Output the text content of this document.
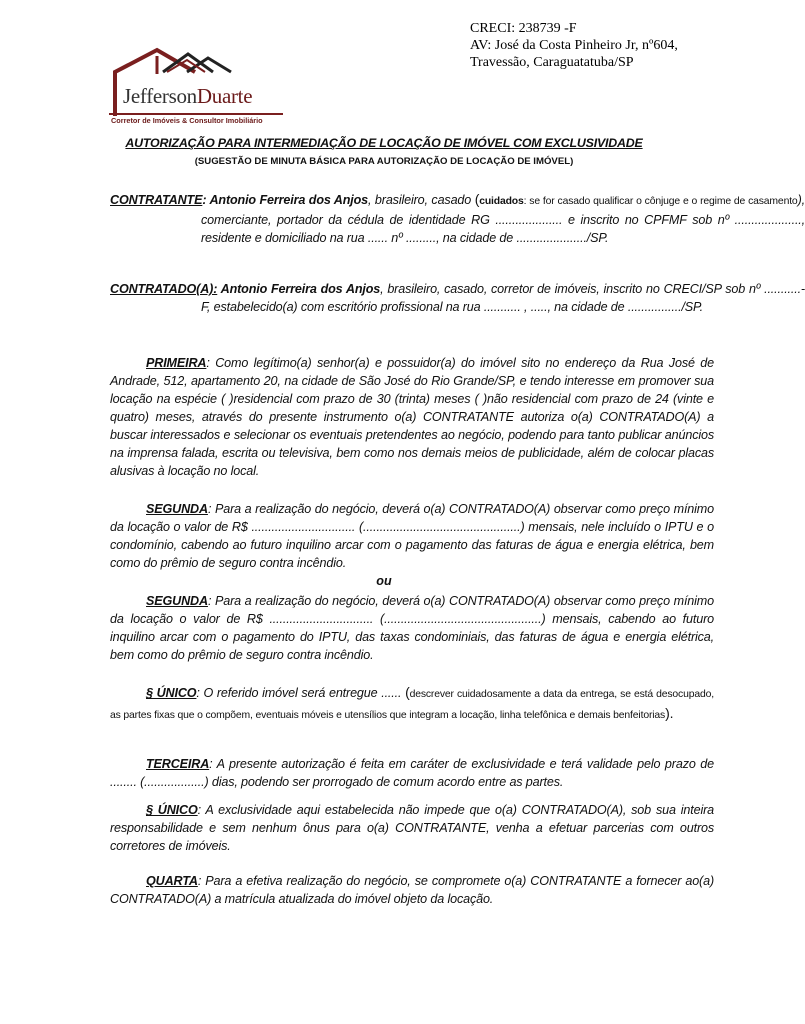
CRECI: 238739 -F
AV: José da Costa Pinheiro Jr, nº604,
Travessão, Caraguatatuba/SP
JeffersonDuarte
Corretor de Imóveis & Consultor Imobiliário
AUTORIZAÇÃO PARA INTERMEDIAÇÃO DE LOCAÇÃO DE IMÓVEL COM EXCLUSIVIDADE
(SUGESTÃO DE MINUTA BÁSICA PARA AUTORIZAÇÃO DE LOCAÇÃO DE IMÓVEL)
CONTRATANTE: Antonio Ferreira dos Anjos, brasileiro, casado (cuidados: se for casado qualificar o cônjuge e o regime de casamento), comerciante, portador da cédula de identidade RG .................... e inscrito no CPFMF sob nº ...................., residente e domiciliado na rua ...... nº ........., na cidade de ...................../SP.
CONTRATADO(A): Antonio Ferreira dos Anjos, brasileiro, casado, corretor de imóveis, inscrito no CRECI/SP sob nº ...........-F, estabelecido(a) com escritório profissional na rua ........... , ....., na cidade de ................/SP.
PRIMEIRA: Como legítimo(a) senhor(a) e possuidor(a) do imóvel sito no endereço da Rua José de Andrade, 512, apartamento 20, na cidade de São José do Rio Grande/SP, e tendo interesse em promover sua locação na espécie ( )residencial com prazo de 30 (trinta) meses ( )não residencial com prazo de 24 (vinte e quatro) meses, através do presente instrumento o(a) CONTRATANTE autoriza o(a) CONTRATADO(A) a buscar interessados e selecionar os eventuais pretendentes ao negócio, podendo para tanto publicar anúncios na imprensa falada, escrita ou televisiva, bem como nos demais meios de publicidade, além de colocar placas alusivas à locação no local.
SEGUNDA: Para a realização do negócio, deverá o(a) CONTRATADO(A) observar como preço mínimo da locação o valor de R$ ............................... (...............................................) mensais, nele incluído o IPTU e o condomínio, cabendo ao futuro inquilino arcar com o pagamento das faturas de água e energia elétrica, bem como do prêmio de seguro contra incêndio.
ou
SEGUNDA: Para a realização do negócio, deverá o(a) CONTRATADO(A) observar como preço mínimo da locação o valor de R$ ............................... (...............................................) mensais, cabendo ao futuro inquilino arcar com o pagamento do IPTU, das taxas condominiais, das faturas de água e energia elétrica, bem como do prêmio de seguro contra incêndio.
§ ÚNICO: O referido imóvel será entregue ...... (descrever cuidadosamente a data da entrega, se está desocupado, as partes fixas que o compõem, eventuais móveis e utensílios que integram a locação, linha telefônica e demais benfeitorias).
TERCEIRA: A presente autorização é feita em caráter de exclusividade e terá validade pelo prazo de ........ (..................) dias, podendo ser prorrogado de comum acordo entre as partes.
§ ÚNICO: A exclusividade aqui estabelecida não impede que o(a) CONTRATADO(A), sob sua inteira responsabilidade e sem nenhum ônus para o(a) CONTRATANTE, venha a efetuar parcerias com outros corretores de imóveis.
QUARTA: Para a efetiva realização do negócio, se compromete o(a) CONTRATANTE a fornecer ao(a) CONTRATADO(A) a matrícula atualizada do imóvel objeto da locação.
